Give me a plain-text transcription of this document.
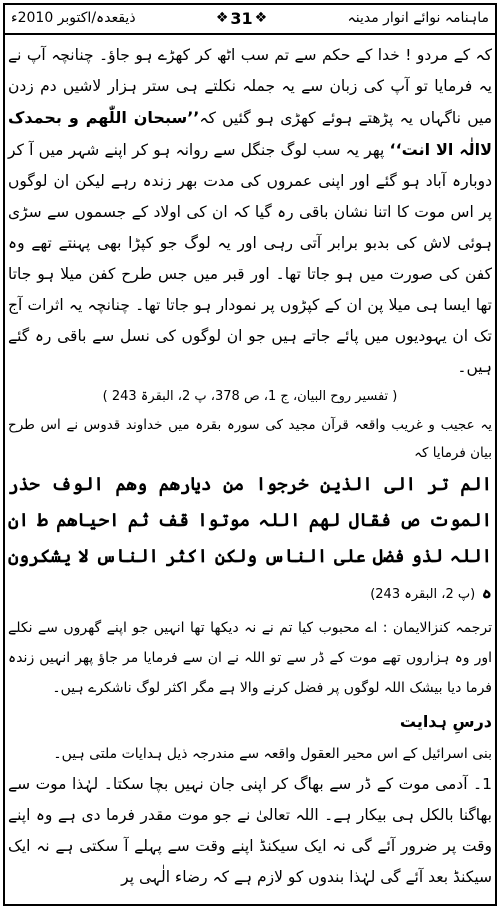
ذیقعدہ/اکتوبر 2010ء	❖ 31 ❖	ماہنامہ نوائے انوار مدینہ

کہ کے مردو ! خدا کے حکم سے تم سب اٹھ کر کھڑے ہو جاؤ۔ چنانچہ آپ نے یہ فرمایا تو آپ کی زبان سے یہ جملہ نکلتے ہی ستر ہزار لاشیں دم زدن میں ناگہاں یہ پڑھتے ہوئے کھڑی ہو گئیں کہ’’سبحان اللّٰھم و بحمدک لاالٰہ الا انت‘‘ پھر یہ سب لوگ جنگل سے روانہ ہو کر اپنے شہر میں آ کر دوبارہ آباد ہو گئے اور اپنی عمروں کی مدت بھر زندہ رہے لیکن ان لوگوں پر اس موت کا اتنا نشان باقی رہ گیا کہ ان کی اولاد کے جسموں سے سڑی ہوئی لاش کی بدبو برابر آتی رہی اور یہ لوگ جو کپڑا بھی پہنتے تھے وہ کفن کی صورت میں ہو جاتا تھا۔ اور قبر میں جس طرح کفن میلا ہو جاتا تھا ایسا ہی میلا پن ان کے کپڑوں پر نمودار ہو جاتا تھا۔ چنانچہ یہ اثرات آج تک ان یہودیوں میں پائے جاتے ہیں جو ان لوگوں کی نسل سے باقی رہ گئے ہیں۔

( تفسیر روح البیان، ج 1، ص 378، پ 2، البقرۃ 243 )

یہ عجیب و غریب واقعہ قرآن مجید کی سورہ بقرہ میں خداوند قدوس نے اس طرح بیان فرمایا کہ

الم تر الی الذین خرجوا من دیارھم وھم الوف حذر الموت ص فقال لھم اللہ موتوا قف ثم احیاھم ط ان اللہ لذو فضل علی الناس ولکن اکثر الناس لا یشکرون ہ (پ 2، البقرہ 243)

ترجمہ کنزالایمان : اے محبوب کیا تم نے نہ دیکھا تھا انہیں جو اپنے گھروں سے نکلے اور وہ ہزاروں تھے موت کے ڈر سے تو اللہ نے ان سے فرمایا مر جاؤ پھر انہیں زندہ فرما دیا بیشک اللہ لوگوں پر فضل کرنے والا ہے مگر اکثر لوگ ناشکرے ہیں۔

درسِ ہدایت

بنی اسرائیل کے اس محیر العقول واقعہ سے مندرجہ ذیل ہدایات ملتی ہیں۔

1۔ آدمی موت کے ڈر سے بھاگ کر اپنی جان نہیں بچا سکتا۔ لہٰذا موت سے بھاگنا بالکل ہی بیکار ہے۔ اللہ تعالیٰ نے جو موت مقدر فرما دی ہے وہ اپنے وقت پر ضرور آئے گی نہ ایک سیکنڈ اپنے وقت سے پہلے آ سکتی ہے نہ ایک سیکنڈ بعد آئے گی لہٰذا بندوں کو لازم ہے کہ رضاء الٰہی پر
